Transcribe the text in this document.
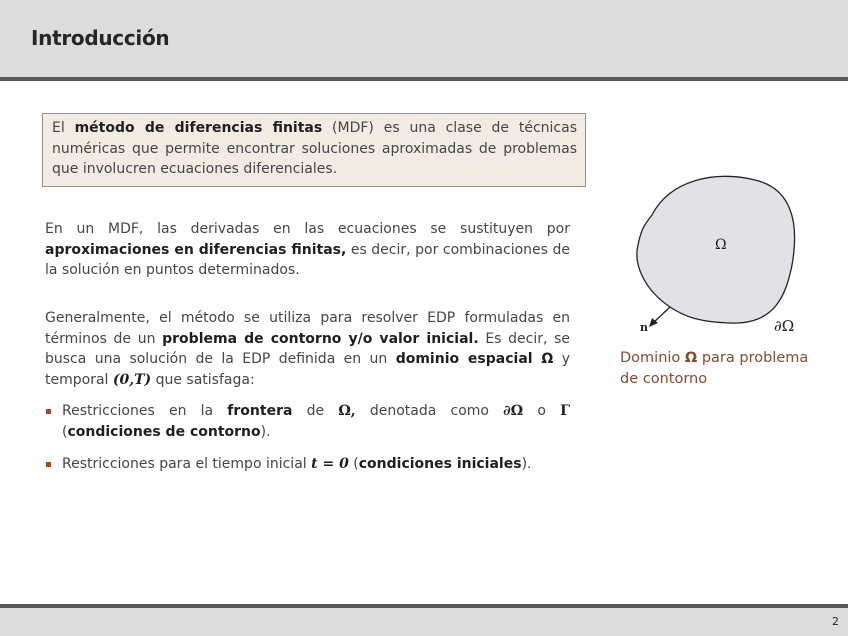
Introducción
El método de diferencias finitas (MDF) es una clase de técnicas numéricas que permite encontrar soluciones aproximadas de problemas que involucren ecuaciones diferenciales.
En un MDF, las derivadas en las ecuaciones se sustituyen por aproximaciones en diferencias finitas, es decir, por combinaciones de la solución en puntos determinados.
Generalmente, el método se utiliza para resolver EDP formuladas en términos de un problema de contorno y/o valor inicial. Es decir, se busca una solución de la EDP definida en un dominio espacial Ω y temporal (0,T) que satisfaga:
Restricciones en la frontera de Ω, denotada como ∂Ω o Γ (condiciones de contorno).
Restricciones para el tiempo inicial t = 0 (condiciones iniciales).
Ω
∂Ω
n
Dominio Ω para problema de contorno
2
